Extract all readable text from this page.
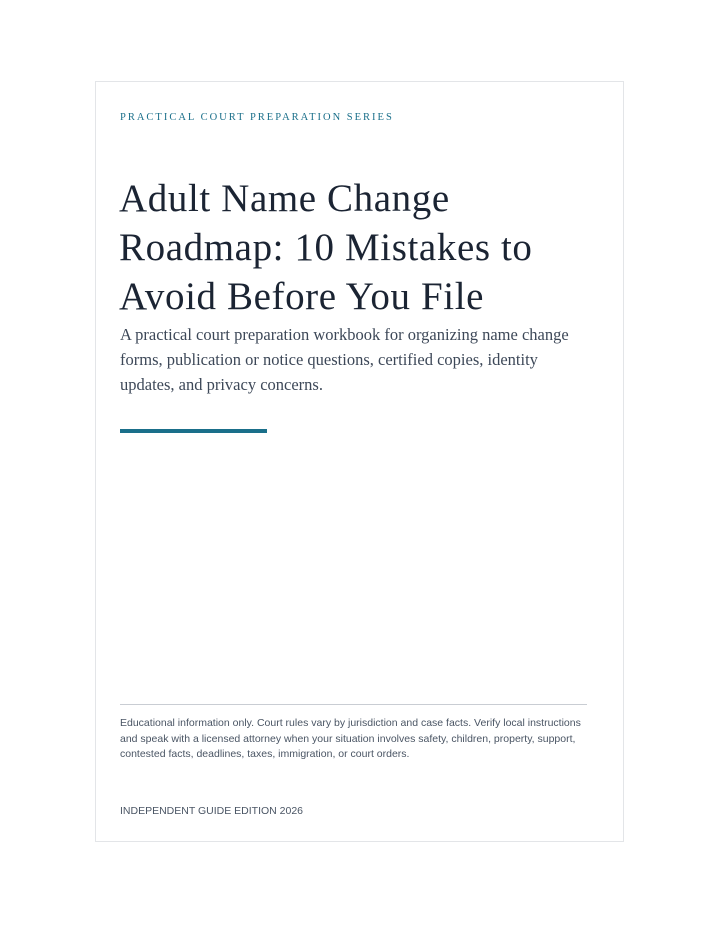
PRACTICAL COURT PREPARATION SERIES
Adult Name Change Roadmap: 10 Mistakes to Avoid Before You File

A practical court preparation workbook for organizing name change forms, publication or notice questions, certified copies, identity updates, and privacy concerns.

Educational information only. Court rules vary by jurisdiction and case facts. Verify local instructions and speak with a licensed attorney when your situation involves safety, children, property, support, contested facts, deadlines, taxes, immigration, or court orders.

INDEPENDENT GUIDE EDITION 2026
